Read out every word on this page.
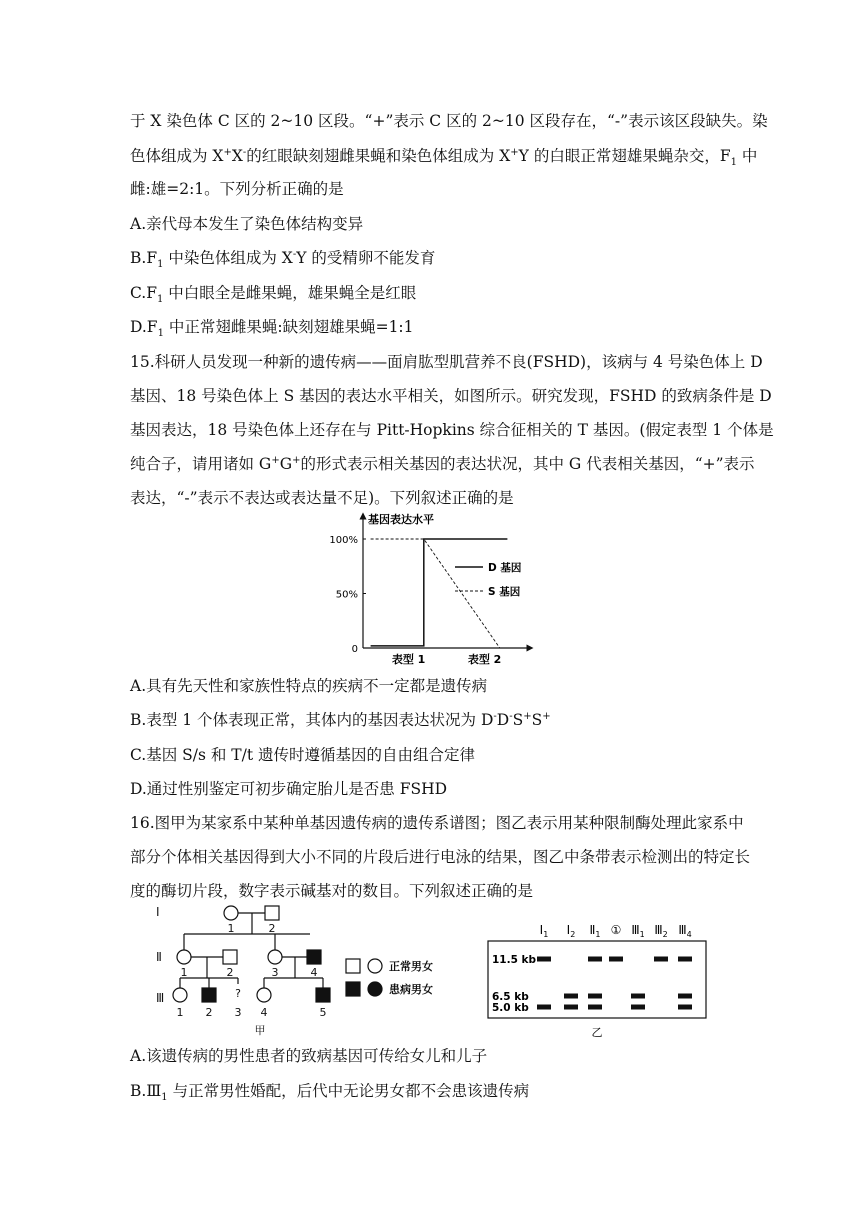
于 X 染色体 C 区的 2~10 区段。“+”表示 C 区的 2~10 区段存在，“-”表示该区段缺失。染
色体组成为 X+X-的红眼缺刻翅雌果蝇和染色体组成为 X+Y 的白眼正常翅雄果蝇杂交，$F_1$ 中
雌:雄=2:1。下列分析正确的是
A.亲代母本发生了染色体结构变异
$B.F_1$ 中染色体组成为 X-Y 的受精卵不能发育
$C.F_1$ 中白眼全是雌果蝇，雄果蝇全是红眼
$D.F_1$ 中正常翅雌果蝇:缺刻翅雄果蝇=1:1
15.科研人员发现一种新的遗传病——面肩肱型肌营养不良(FSHD)，该病与 4 号染色体上 D
基因、18 号染色体上 S 基因的表达水平相关，如图所示。研究发现，FSHD 的致病条件是 D
基因表达，18 号染色体上还存在与 Pitt-Hopkins 综合征相关的 T 基因。(假定表型 1 个体是
纯合子，请用诸如 G+G+的形式表示相关基因的表达状况，其中 G 代表相关基因，“+”表示
表达，“-”表示不表达或表达量不足)。下列叙述正确的是
基因表达水平
0
50%
100%
表型 1	表型 2
D 基因
S 基因
A.具有先天性和家族性特点的疾病不一定都是遗传病
B.表型 1 个体表现正常，其体内的基因表达状况为 D-D-S+S+
C.基因 S/s 和 T/t 遗传时遵循基因的自由组合定律
D.通过性别鉴定可初步确定胎儿是否患 FSHD
16.图甲为某家系中某种单基因遗传病的遗传系谱图；图乙表示用某种限制酶处理此家系中
部分个体相关基因得到大小不同的片段后进行电泳的结果，图乙中条带表示检测出的特定长
度的酶切片段，数字表示碱基对的数目。下列叙述正确的是
Ⅰ
Ⅱ
Ⅲ
1	2
1	2	3	4
?
1 2 3 4	5
甲
正常男女
患病男女
$Ⅰ_1$ $Ⅰ_2$ $Ⅱ_1$ ① $Ⅲ_1$ $Ⅲ_2$ $Ⅲ_4$
11.5 kb
6.5 kb
5.0 kb
乙
A.该遗传病的男性患者的致病基因可传给女儿和儿子
$B.Ⅲ_1$ 与正常男性婚配，后代中无论男女都不会患该遗传病
